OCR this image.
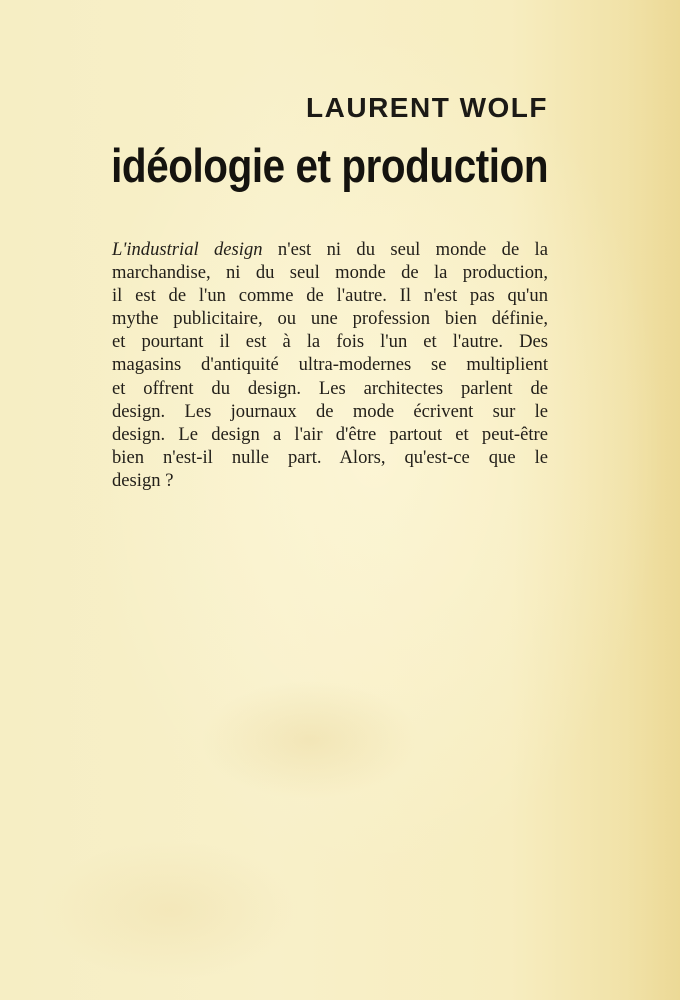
LAURENT WOLF
idéologie et production

L'industrial design n'est ni du seul monde de la
marchandise, ni du seul monde de la production,
il est de l'un comme de l'autre. Il n'est pas qu'un
mythe publicitaire, ou une profession bien définie,
et pourtant il est à la fois l'un et l'autre. Des
magasins d'antiquité ultra-modernes se multiplient
et offrent du design. Les architectes parlent de
design. Les journaux de mode écrivent sur le
design. Le design a l'air d'être partout et peut-être
bien n'est-il nulle part. Alors, qu'est-ce que le
design ?
